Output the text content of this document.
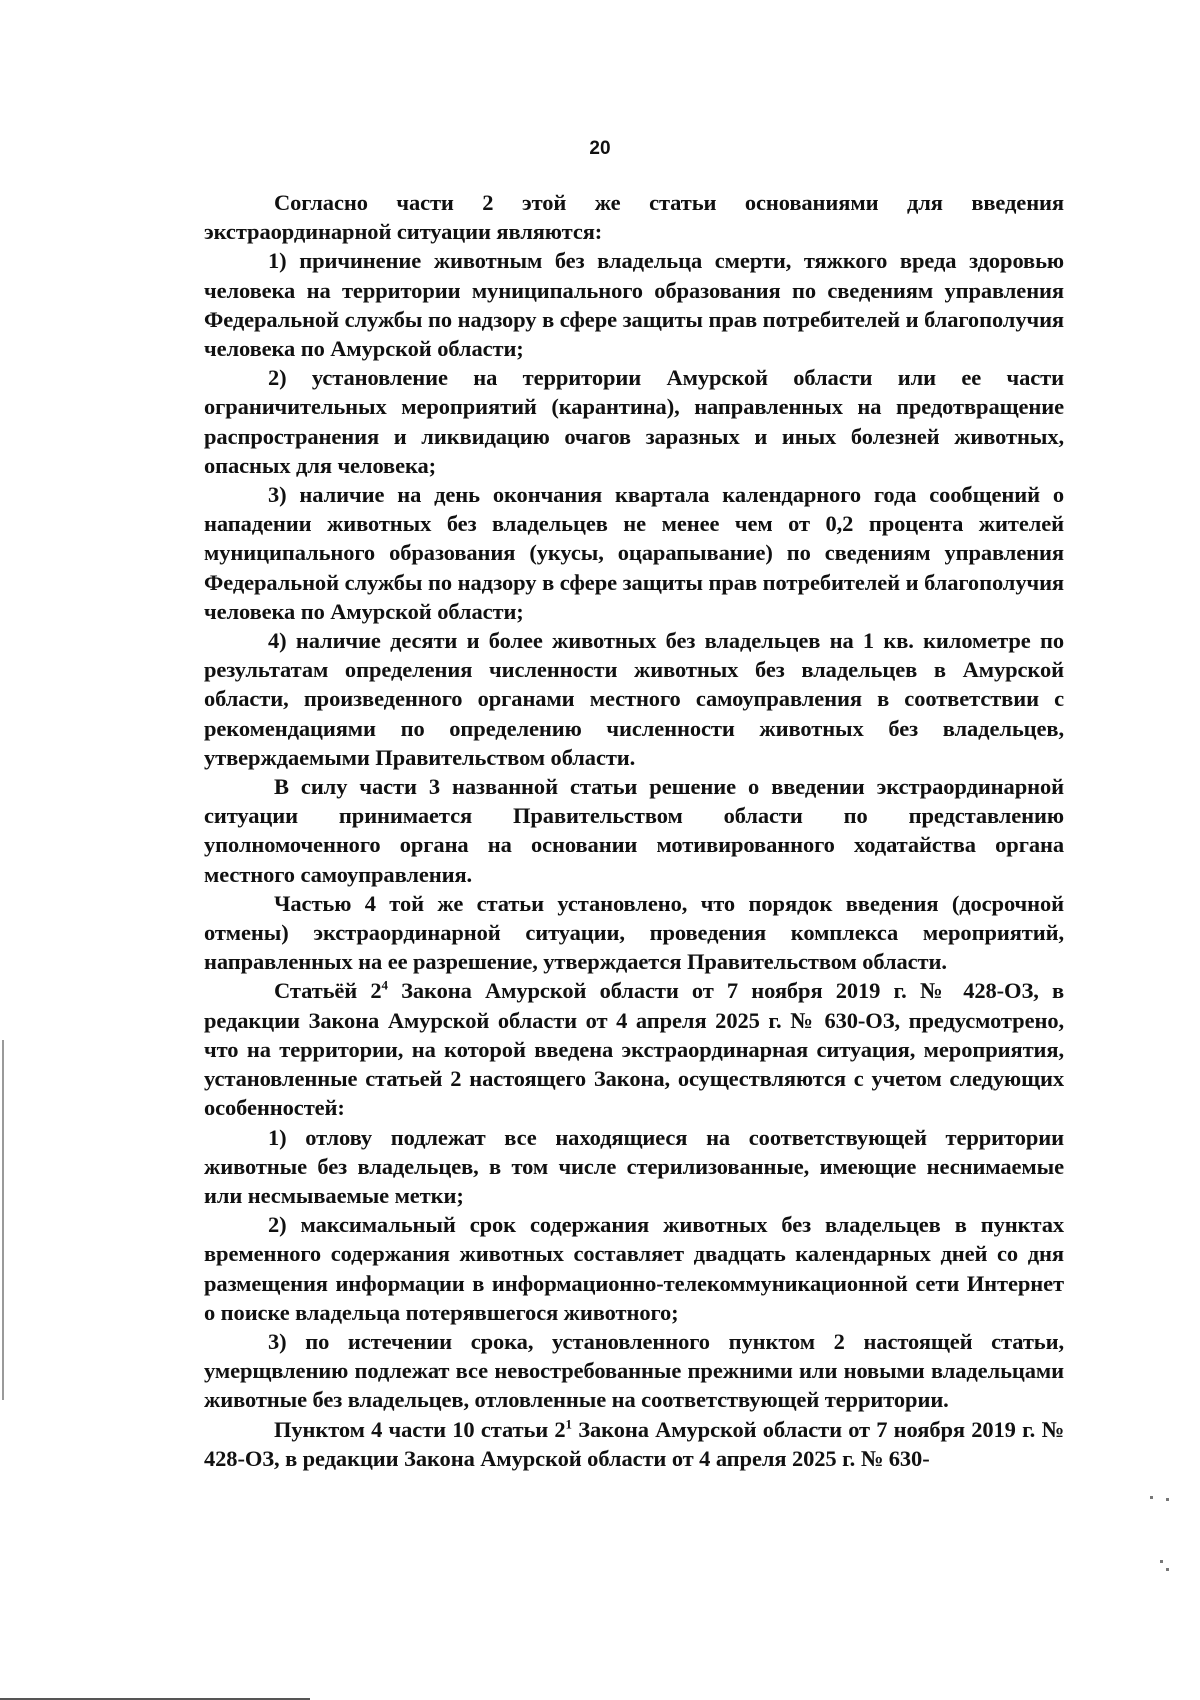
20

Согласно части 2 этой же статьи основаниями для введения экстраординарной ситуации являются:

1) причинение животным без владельца смерти, тяжкого вреда здоровью человека на территории муниципального образования по сведениям управления Федеральной службы по надзору в сфере защиты прав потребителей и благополучия человека по Амурской области;

2) установление на территории Амурской области или ее части ограничительных мероприятий (карантина), направленных на предотвращение распространения и ликвидацию очагов заразных и иных болезней животных, опасных для человека;

3) наличие на день окончания квартала календарного года сообщений о нападении животных без владельцев не менее чем от 0,2 процента жителей муниципального образования (укусы, оцарапывание) по сведениям управления Федеральной службы по надзору в сфере защиты прав потребителей и благополучия человека по Амурской области;

4) наличие десяти и более животных без владельцев на 1 кв. километре по результатам определения численности животных без владельцев в Амурской области, произведенного органами местного самоуправления в соответствии с рекомендациями по определению численности животных без владельцев, утверждаемыми Правительством области.

В силу части 3 названной статьи решение о введении экстраординарной ситуации принимается Правительством области по представлению уполномоченного органа на основании мотивированного ходатайства органа местного самоуправления.

Частью 4 той же статьи установлено, что порядок введения (досрочной отмены) экстраординарной ситуации, проведения комплекса мероприятий, направленных на ее разрешение, утверждается Правительством области.

Статьёй $2^4$ Закона Амурской области от 7 ноября 2019 г. № 428-ОЗ, в редакции Закона Амурской области от 4 апреля 2025 г. № 630-ОЗ, предусмотрено, что на территории, на которой введена экстраординарная ситуация, мероприятия, установленные статьей 2 настоящего Закона, осуществляются с учетом следующих особенностей:

1) отлову подлежат все находящиеся на соответствующей территории животные без владельцев, в том числе стерилизованные, имеющие неснимаемые или несмываемые метки;

2) максимальный срок содержания животных без владельцев в пунктах временного содержания животных составляет двадцать календарных дней со дня размещения информации в информационно-телекоммуникационной сети Интернет о поиске владельца потерявшегося животного;

3) по истечении срока, установленного пунктом 2 настоящей статьи, умерщвлению подлежат все невостребованные прежними или новыми владельцами животные без владельцев, отловленные на соответствующей территории.

Пунктом 4 части 10 статьи $2^1$ Закона Амурской области от 7 ноября 2019 г. № 428-ОЗ, в редакции Закона Амурской области от 4 апреля 2025 г. № 630-
